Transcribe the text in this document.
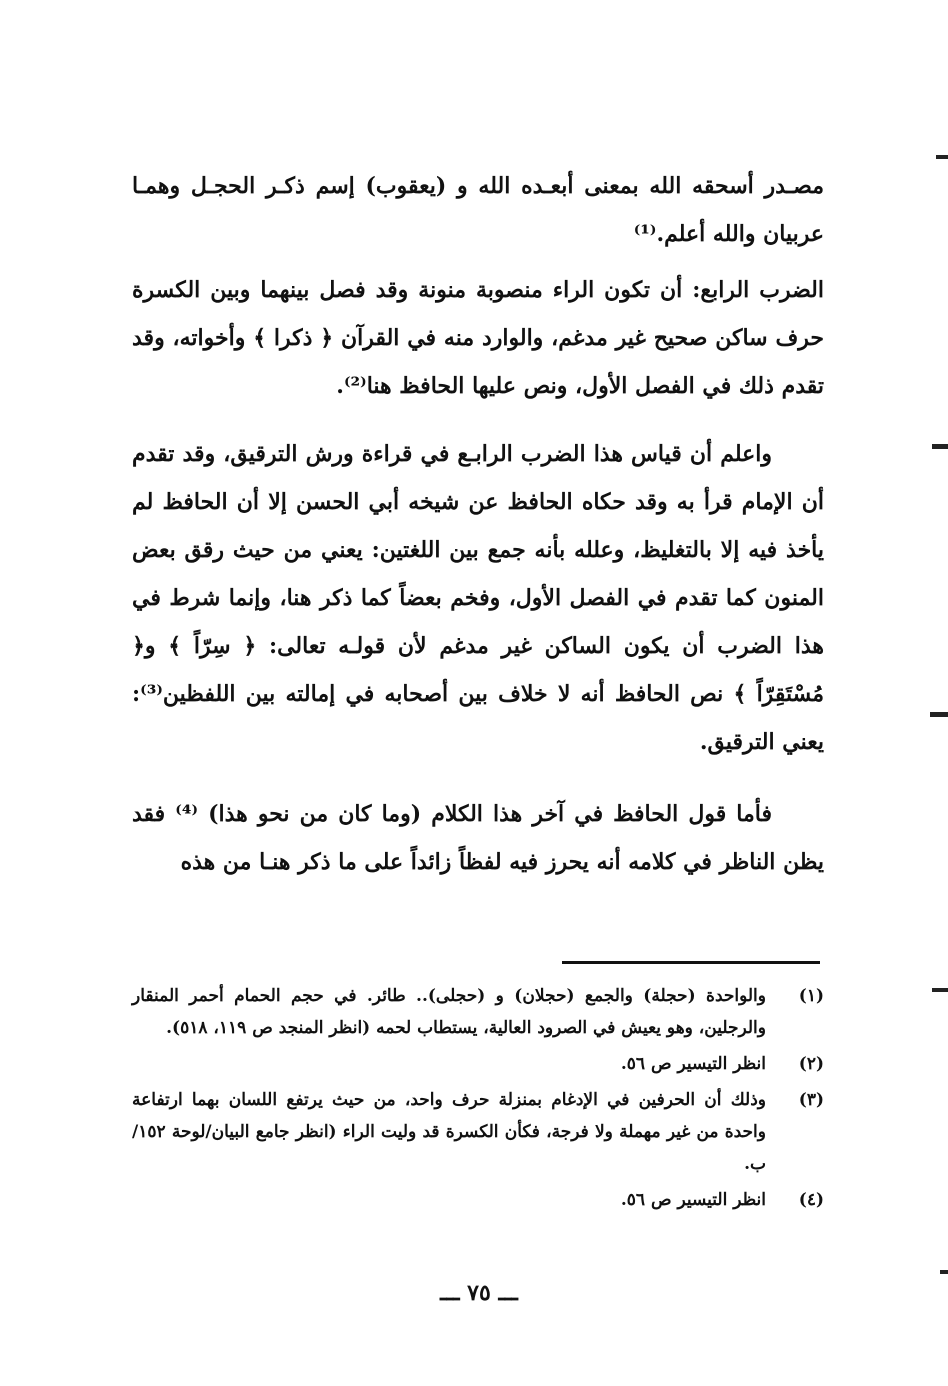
مصـدر أسحقه الله بمعنى أبعـده الله و (يعقوب) إسم ذكـر الحجـل وهمـا عربيان والله أعلم.⁽¹⁾

الضرب الرابع: أن تكون الراء منصوبة منونة وقد فصل بينهما وبين الكسرة حرف ساكن صحيح غير مدغم، والوارد منه في القرآن ﴿ ذكرا ﴾ وأخواته، وقد تقدم ذلك في الفصل الأول، ونص عليها الحافظ هنا⁽²⁾.

واعلم أن قياس هذا الضرب الرابـع في قراءة ورش الترقيق، وقد تقدم أن الإمام قرأ به وقد حكاه الحافظ عن شيخه أبي الحسن إلا أن الحافظ لم يأخذ فيه إلا بالتغليظ، وعلله بأنه جمع بين اللغتين: يعني من حيث رقق بعض المنون كما تقدم في الفصل الأول، وفخم بعضاً كما ذكر هنا، وإنما شرط في هذا الضرب أن يكون الساكن غير مدغم لأن قولـه تعالى: ﴿ سِرّاً ﴾ و﴿ مُسْتَقِرّاً ﴾ نص الحافظ أنه لا خلاف بين أصحابه في إمالته بين اللفظين⁽³⁾: يعني الترقيق.

فأما قول الحافظ في آخر هذا الكلام (وما كان من نحو هذا) ⁽⁴⁾ فقد يظن الناظر في كلامه أنه يحرز فيه لفظاً زائداً على ما ذكر هنـا من هذه

(١)
والواحدة (حجلة) والجمع (حجلان) و (حجلى).. طائر. في حجم الحمام أحمر المنقار والرجلين، وهو يعيش في الصرود العالية، يستطاب لحمه (انظر المنجد ص ١١٩، ٥١٨).
(٢)
انظر التيسير ص ٥٦.
(٣)
وذلك أن الحرفين في الإدغام بمنزلة حرف واحد، من حيث يرتفع اللسان بهما ارتفاعة واحدة من غير مهملة ولا فرجة، فكأن الكسرة قد وليت الراء (انظر جامع البيان/لوحة ١٥٢/ب.
(٤)
انظر التيسير ص ٥٦.
ـــ ٧٥ ـــ
